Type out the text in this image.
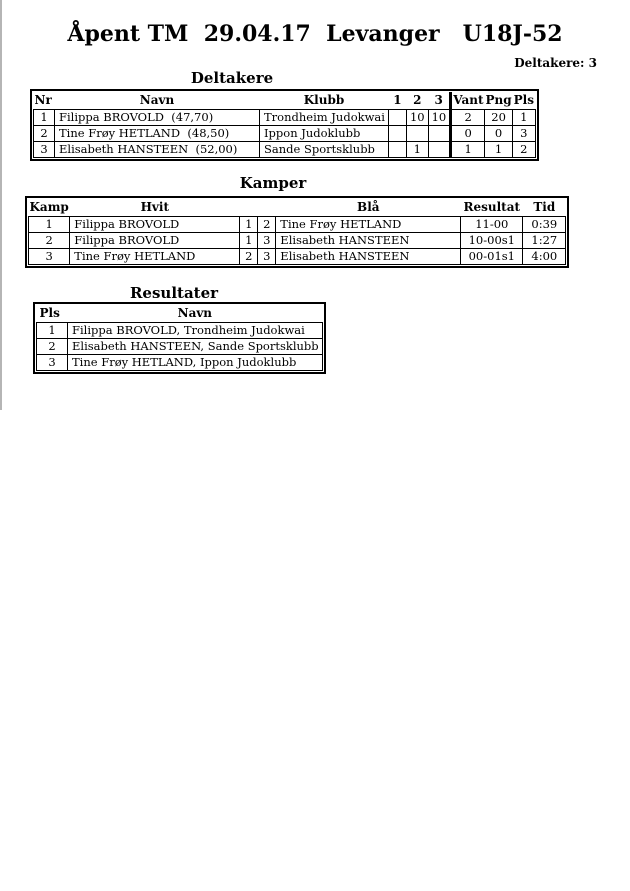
Åpent TM  29.04.17  Levanger   U18J-52
Deltakere: 3
Deltakere
Nr	Navn	Klubb	1	2	3	Vant	Png	Pls
1	Filippa BROVOLD  (47,70)	Trondheim Judokwai		10	10	2	20	1
2	Tine Frøy HETLAND  (48,50)	Ippon Judoklubb				0	0	3
3	Elisabeth HANSTEEN  (52,00)	Sande Sportsklubb		1		1	1	2
Kamper
Kamp	Hvit			Blå	Resultat	Tid
1	Filippa BROVOLD	1	2	Tine Frøy HETLAND	11-00	0:39
2	Filippa BROVOLD	1	3	Elisabeth HANSTEEN	10-00s1	1:27
3	Tine Frøy HETLAND	2	3	Elisabeth HANSTEEN	00-01s1	4:00
Resultater
Pls	Navn
1	Filippa BROVOLD, Trondheim Judokwai
2	Elisabeth HANSTEEN, Sande Sportsklubb
3	Tine Frøy HETLAND, Ippon Judoklubb
